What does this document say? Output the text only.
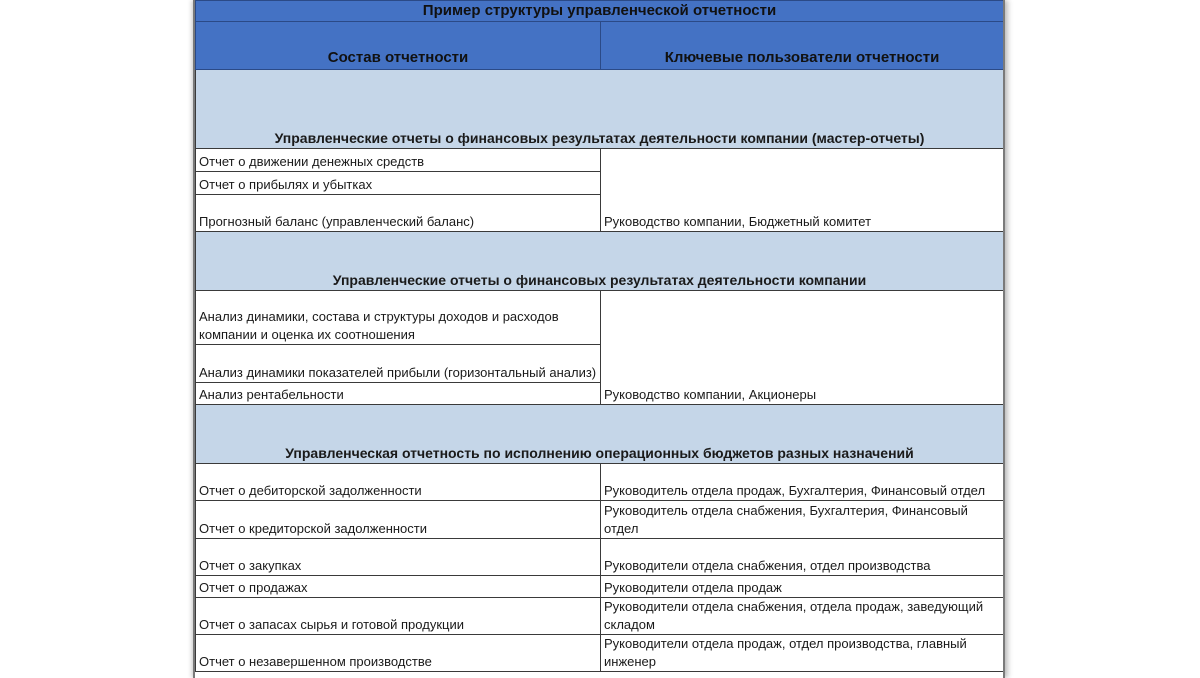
Пример структуры управленческой отчетности	
Состав отчетности	Ключевые пользователи отчетности
Управленческие отчеты о финансовых результатах деятельности компании (мастер-отчеты)	
Отчет о движении денежных средств	Руководство компании, Бюджетный комитет
Отчет о прибылях и убытках	
Прогнозный баланс (управленческий баланс)	
Управленческие отчеты о финансовых результатах деятельности компании	
Анализ динамики, состава и структуры доходов и расходов компании и оценка их соотношения	Руководство компании, Акционеры
Анализ динамики показателей прибыли (горизонтальный анализ)	
Анализ рентабельности	
Управленческая отчетность по исполнению операционных бюджетов разных назначений	
Отчет о дебиторской задолженности	Руководитель отдела продаж, Бухгалтерия, Финансовый отдел
Отчет о кредиторской задолженности	Руководитель отдела снабжения, Бухгалтерия, Финансовый отдел
Отчет о закупках	Руководители отдела снабжения, отдел производства
Отчет о продажах	Руководители отдела продаж
Отчет о запасах сырья и готовой продукции	Руководители отдела снабжения, отдела продаж, заведующий складом
Отчет о незавершенном производстве	Руководители отдела продаж, отдел производства, главный инженер
